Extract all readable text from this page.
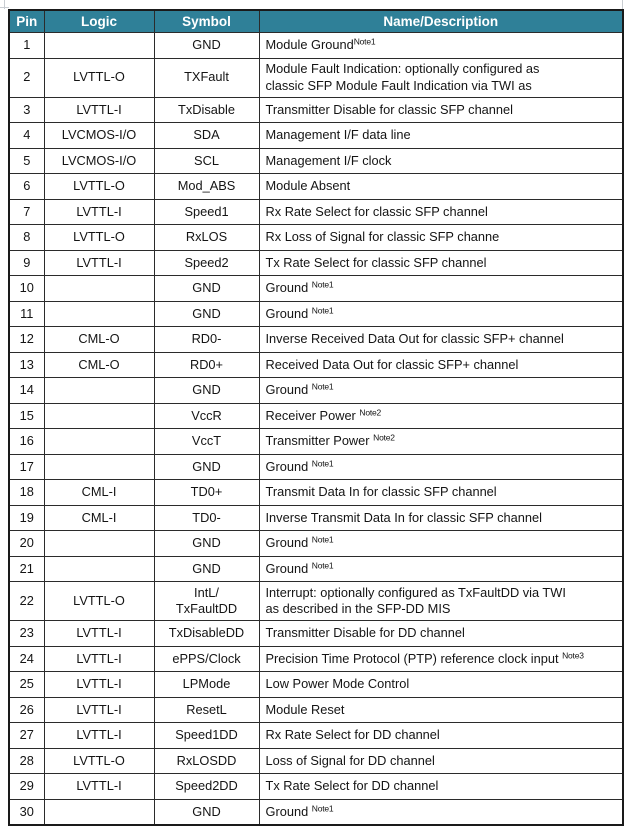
Pin	Logic	Symbol	Name/Description
1		GND	Module Ground$^{Note1}$
2	LVTTL-O	TXFault	Module Fault Indication: optionally configured as
classic SFP Module Fault Indication via TWI as
3	LVTTL-I	TxDisable	Transmitter Disable for classic SFP channel
4	LVCMOS-I/O	SDA	Management I/F data line
5	LVCMOS-I/O	SCL	Management I/F clock
6	LVTTL-O	Mod_ABS	Module Absent
7	LVTTL-I	Speed1	Rx Rate Select for classic SFP channel
8	LVTTL-O	RxLOS	Rx Loss of Signal for classic SFP channe
9	LVTTL-I	Speed2	Tx Rate Select for classic SFP channel
10		GND	Ground $^{Note1}$
11		GND	Ground $^{Note1}$
12	CML-O	RD0-	Inverse Received Data Out for classic SFP+ channel
13	CML-O	RD0+	Received Data Out for classic SFP+ channel
14		GND	Ground $^{Note1}$
15		VccR	Receiver Power $^{Note2}$
16		VccT	Transmitter Power $^{Note2}$
17		GND	Ground $^{Note1}$
18	CML-I	TD0+	Transmit Data In for classic SFP channel
19	CML-I	TD0-	Inverse Transmit Data In for classic SFP channel
20		GND	Ground $^{Note1}$
21		GND	Ground $^{Note1}$
22	LVTTL-O	IntL/
TxFaultDD	Interrupt: optionally configured as TxFaultDD via TWI
as described in the SFP-DD MIS
23	LVTTL-I	TxDisableDD	Transmitter Disable for DD channel
24	LVTTL-I	ePPS/Clock	Precision Time Protocol (PTP) reference clock input $^{Note3}$
25	LVTTL-I	LPMode	Low Power Mode Control
26	LVTTL-I	ResetL	Module Reset
27	LVTTL-I	Speed1DD	Rx Rate Select for DD channel
28	LVTTL-O	RxLOSDD	Loss of Signal for DD channel
29	LVTTL-I	Speed2DD	Tx Rate Select for DD channel
30		GND	Ground $^{Note1}$
